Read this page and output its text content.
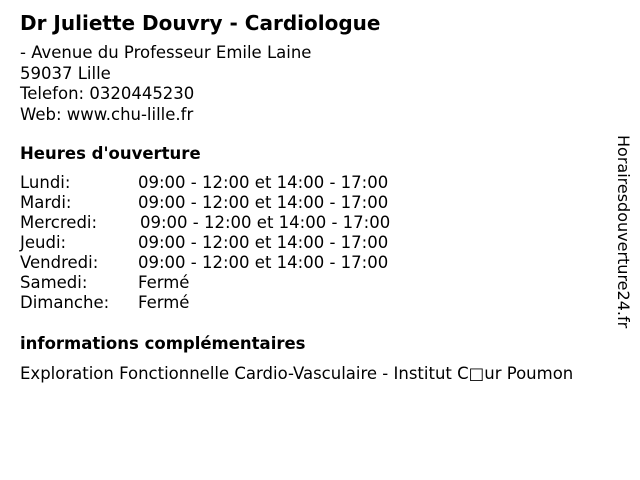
Dr Juliette Douvry - Cardiologue
- Avenue du Professeur Emile Laine
59037 Lille
Telefon: 0320445230
Web: www.chu-lille.fr
Heures d'ouverture
Lundi:	09:00 - 12:00 et 14:00 - 17:00
Mardi:	09:00 - 12:00 et 14:00 - 17:00
Mercredi:	09:00 - 12:00 et 14:00 - 17:00
Jeudi:	09:00 - 12:00 et 14:00 - 17:00
Vendredi: 09:00 - 12:00 et 14:00 - 17:00
Samedi:	Fermé
Dimanche: Fermé
informations complémentaires
Exploration Fonctionnelle Cardio-Vasculaire - Institut C□ur Poumon
Horairesdouverture24.fr
